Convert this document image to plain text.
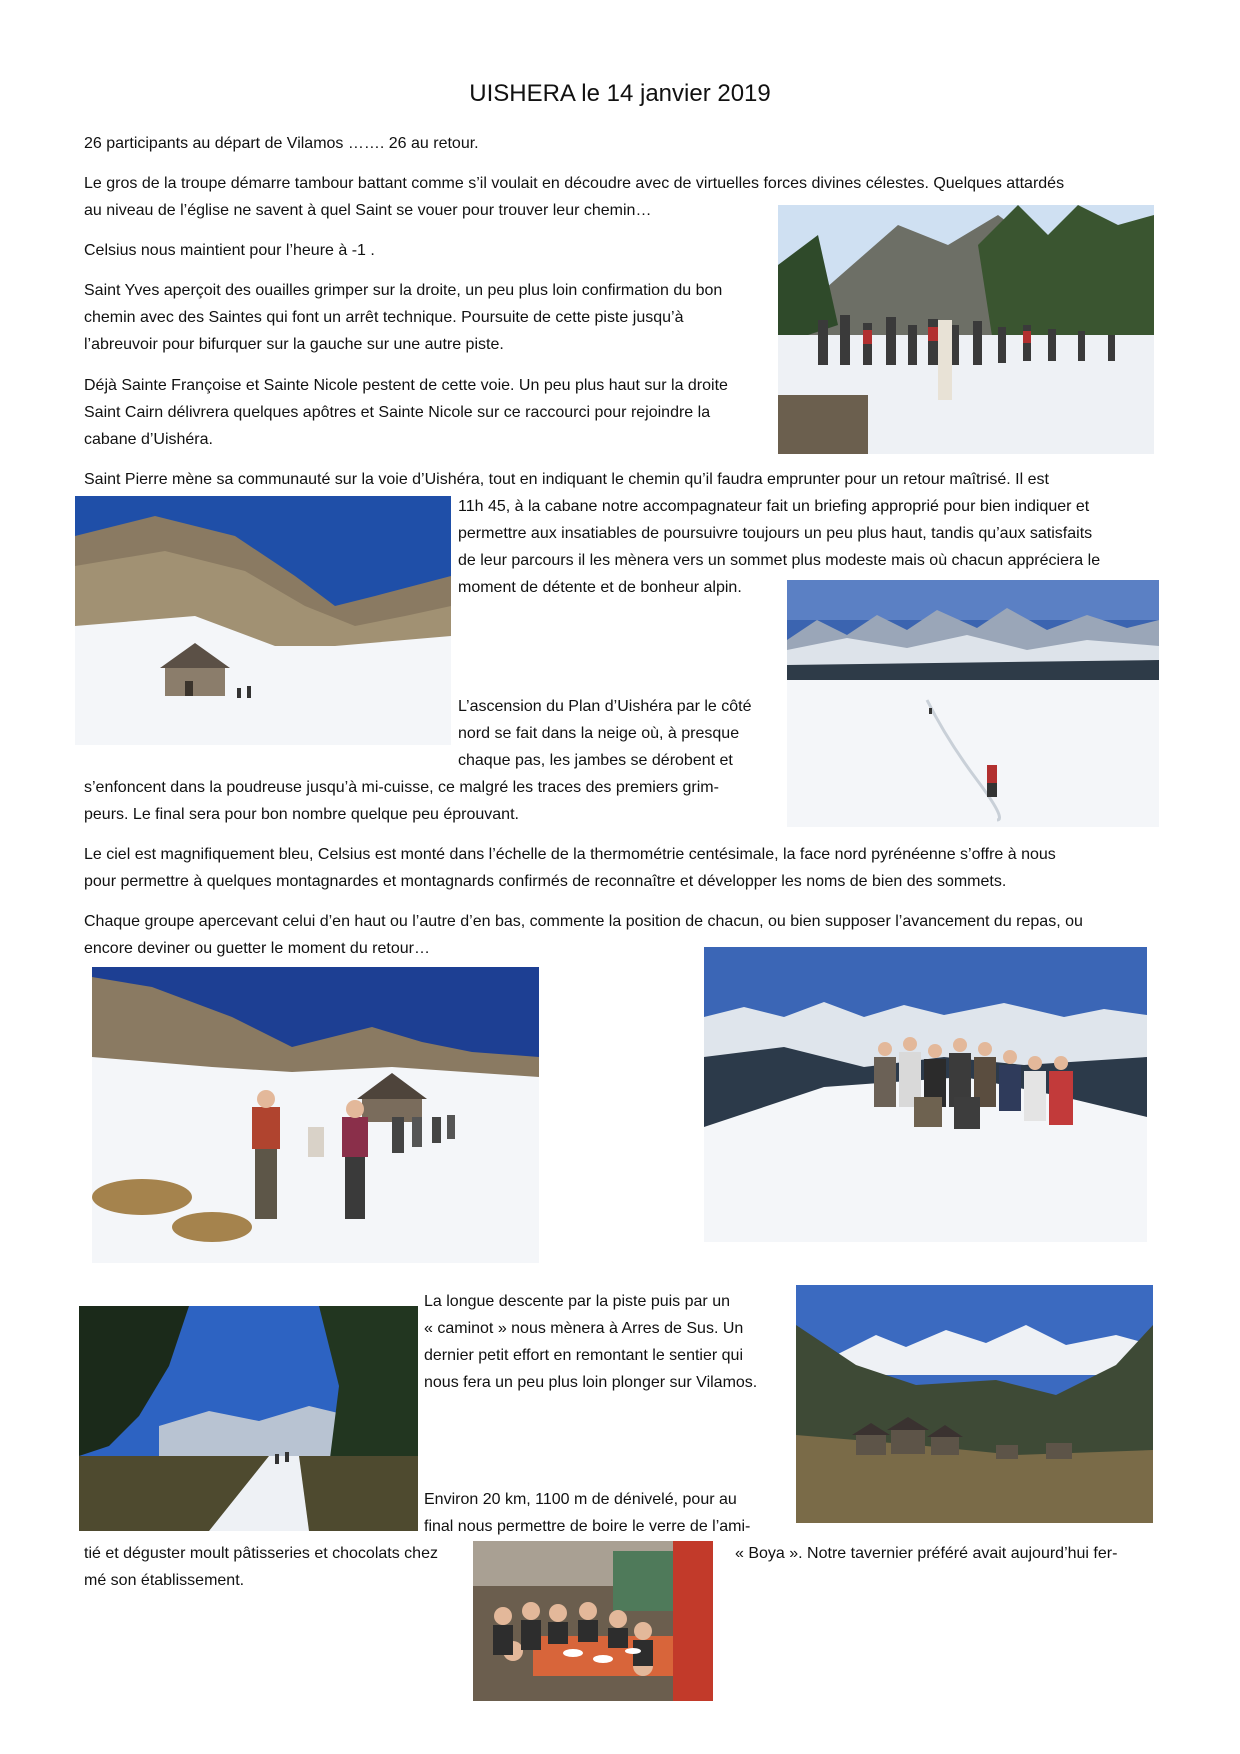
UISHERA le 14 janvier 2019

26 participants au départ de Vilamos ……. 26 au retour.

Le gros de la troupe démarre tambour battant comme s’il voulait en découdre avec de virtuelles forces divines célestes. Quelques attardés

au niveau de l’église ne savent à quel Saint se vouer pour trouver leur chemin…

Celsius nous maintient pour l’heure à -1 .

Saint Yves aperçoit des ouailles grimper sur la droite, un peu plus loin confirmation du bon

chemin avec des Saintes qui font un arrêt technique. Poursuite de cette piste jusqu’à

l’abreuvoir pour bifurquer sur la gauche sur une autre piste.

Déjà Sainte Françoise et Sainte Nicole pestent de cette voie. Un peu plus haut sur la droite

Saint Cairn délivrera quelques apôtres et Sainte Nicole sur ce raccourci pour rejoindre la

cabane d’Uishéra.

Saint Pierre mène sa communauté sur la voie d’Uishéra, tout en indiquant le chemin qu’il faudra emprunter pour un retour maîtrisé. Il est

11h 45, à la cabane notre accompagnateur fait un briefing approprié pour bien indiquer et

permettre aux insatiables de poursuivre toujours un peu plus haut, tandis qu’aux satisfaits

de leur parcours il les mènera vers un sommet plus modeste mais où chacun appréciera le

moment de détente et de bonheur alpin.

L’ascension du Plan d’Uishéra par le côté

nord se fait dans la neige où, à presque

chaque pas, les jambes se dérobent et

s’enfoncent dans la poudreuse jusqu’à mi-cuisse, ce malgré les traces des premiers grim-

peurs. Le final sera pour bon nombre quelque peu éprouvant.

Le ciel est magnifiquement bleu, Celsius est monté dans l’échelle de la thermométrie centésimale, la face nord pyrénéenne s’offre à nous

pour permettre à quelques montagnardes et montagnards confirmés de reconnaître et développer les noms de bien des sommets.

Chaque groupe apercevant celui d’en haut ou l’autre d’en bas, commente la position de chacun, ou bien supposer l’avancement du repas, ou

encore deviner ou guetter le moment du retour…

La longue descente par la piste puis par un

« caminot » nous mènera à Arres de Sus. Un

dernier petit effort en remontant le sentier qui

nous fera un peu plus loin plonger sur Vilamos.

Environ 20 km, 1100 m de dénivelé, pour au

final nous permettre de boire le verre de l’ami-

tié et déguster moult pâtisseries et chocolats chez	« Boya ». Notre tavernier préféré avait aujourd’hui fer-

mé son établissement.
